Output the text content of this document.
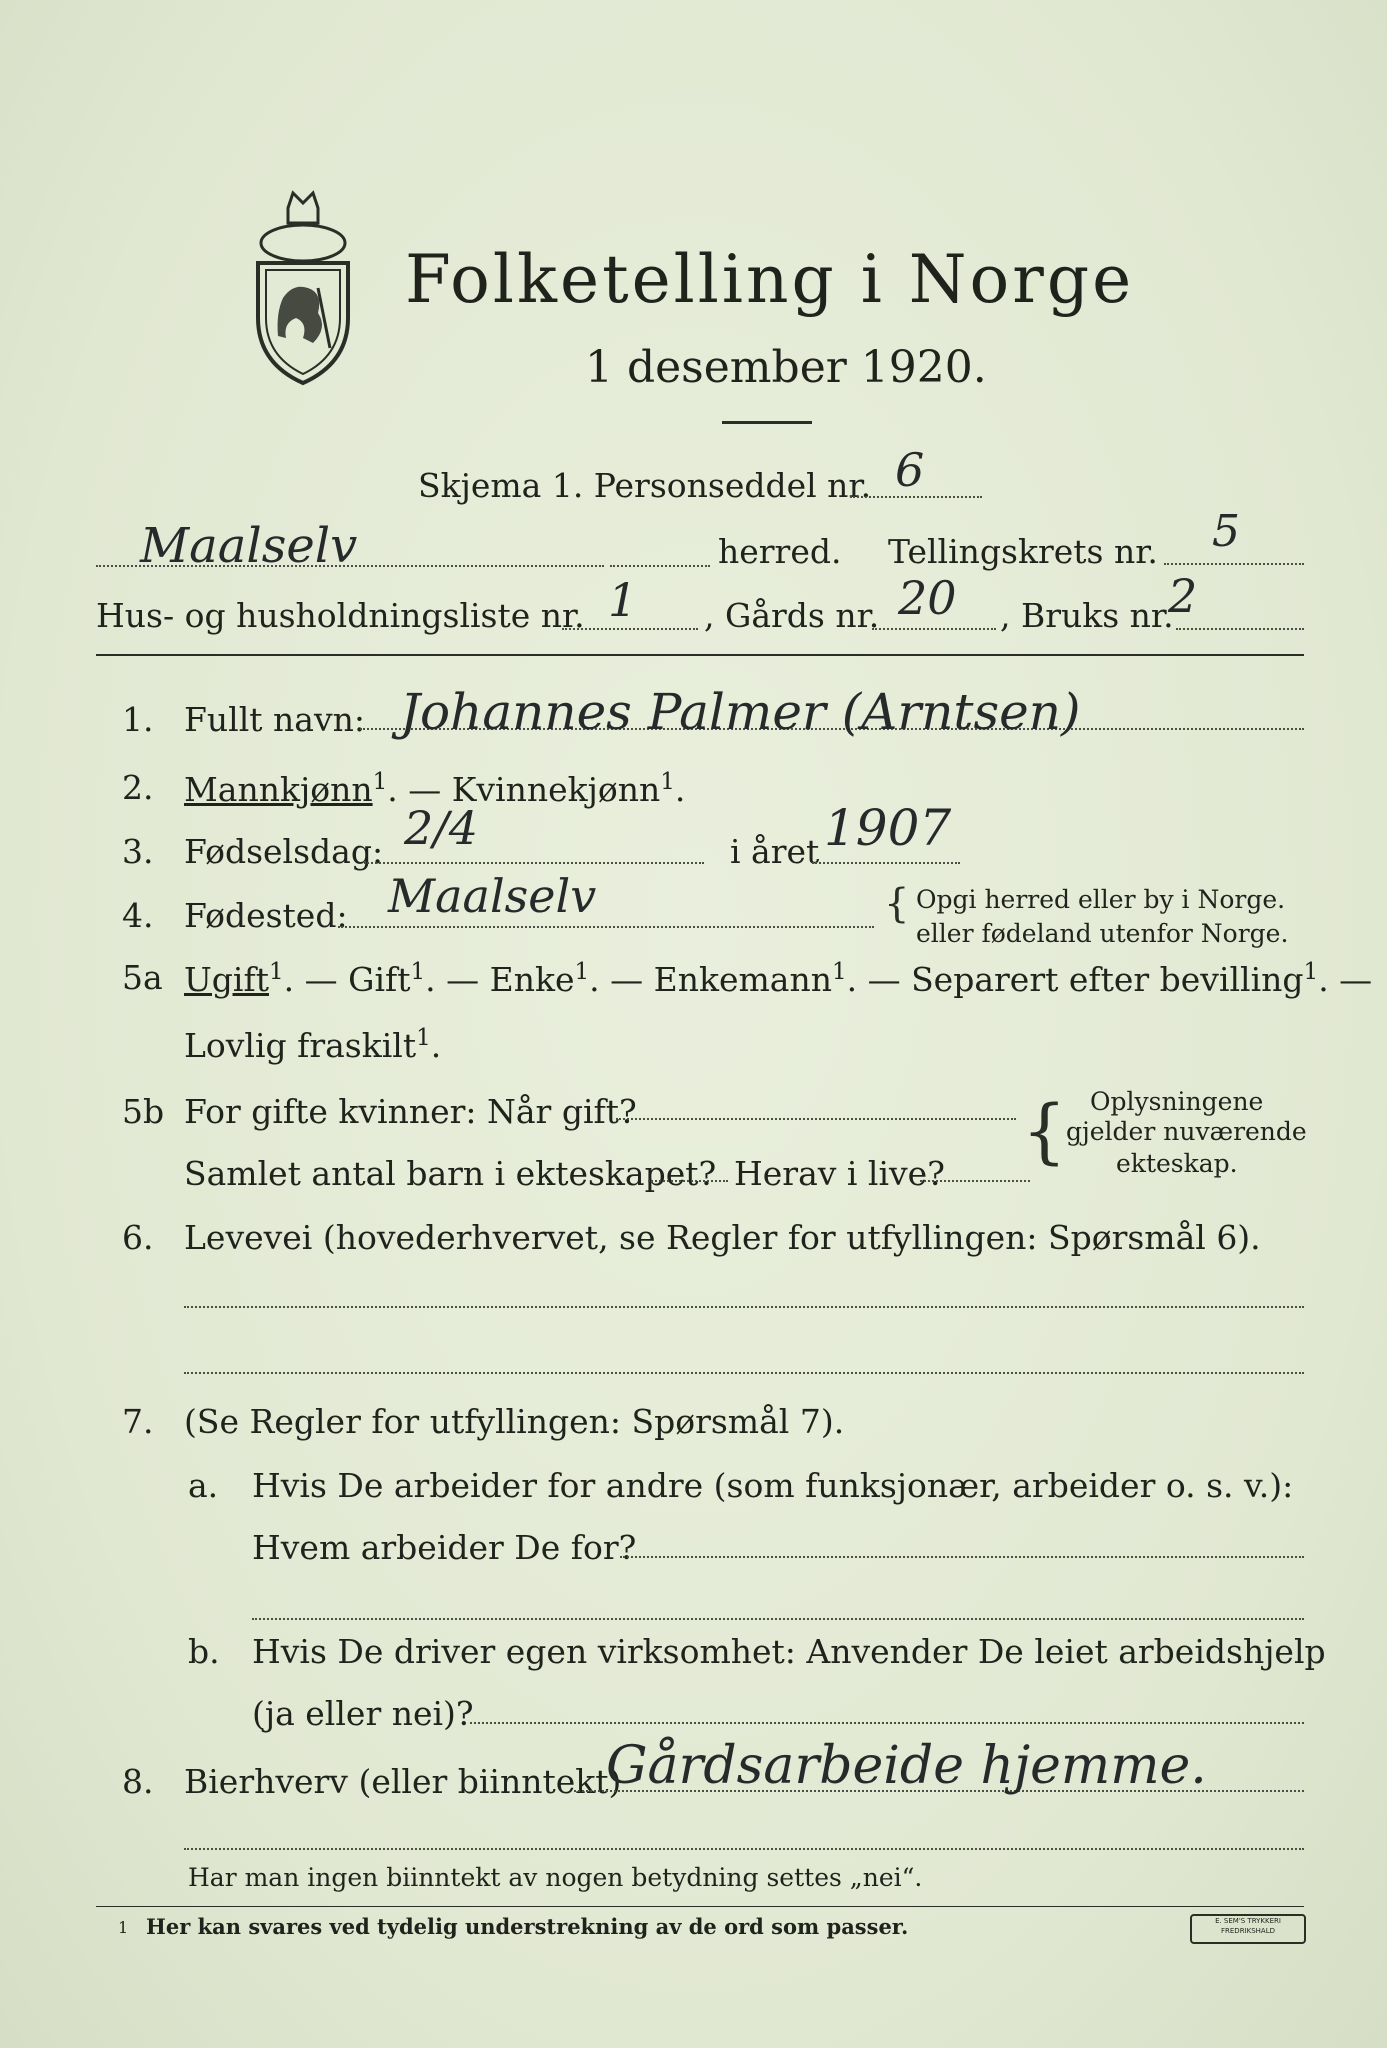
Folketelling i Norge
1 desember 1920.
Skjema 1. Personseddel nr. 6
Maalselv	herred. Tellingskrets nr. 5
Hus- og husholdningsliste nr. 1 , Gårds nr. 20 , Bruks nr.
2
1. Fullt navn: Johannes Palmer (Arntsen)
2. Mannkjønn$^1$. — Kvinnekjønn$^1$.
3. Fødselsdag: 2/4	i året 1907
4. Fødested: Maalselv	{ Opgi herred eller by i Norge.
eller fødeland utenfor Norge.
5a Ugift$^1$. — Gift$^1$. — Enke$^1$. — Enkemann$^1$. — Separert efter bevilling$^1$. —
Lovlig fraskilt$^1$.
5b For gifte kvinner: Når gift?
Samlet antal barn i ekteskapet? Herav i live?
{ Oplysningene
gjelder nuværende
ekteskap.
6. Levevei (hovederhvervet, se Regler for utfyllingen: Spørsmål 6).
7. (Se Regler for utfyllingen: Spørsmål 7).
a. Hvis De arbeider for andre (som funksjonær, arbeider o. s. v.):
Hvem arbeider De for?
b. Hvis De driver egen virksomhet: Anvender De leiet arbeidshjelp
(ja eller nei)?
8. Bierhverv (eller biinntekt)
Gårdsarbeide hjemme.
Har man ingen biinntekt av nogen betydning settes „nei“.
1 Her kan svares ved tydelig understrekning av de ord som passer.	E. SEM'S TRYKKERI
FREDRIKSHALD
